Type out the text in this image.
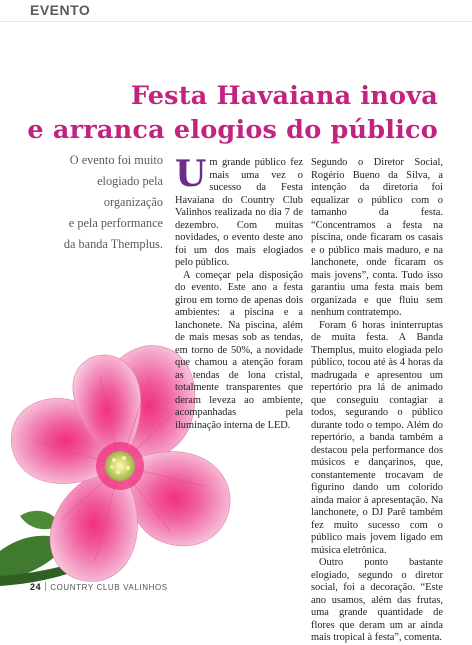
EVENTO
Festa Havaiana inova
e arranca elogios do público
O evento foi muito
elogiado pela
organização
e pela performance
da banda Themplus.

Um grande público fez mais uma vez o sucesso da Festa Havaiana do Country Club Valinhos realizada no dia 7 de dezembro. Com muitas novidades, o evento deste ano foi um dos mais elogiados pelo público.

A começar pela disposição do evento. Este ano a festa girou em torno de apenas dois ambientes: a piscina e a lanchonete. Na piscina, além de mais mesas sob as tendas, em torno de 50%, a novidade que chamou a atenção foram as tendas de lona cristal, totalmente transparentes que deram leveza ao ambiente, acompanhadas pela iluminação interna de LED.

Segundo o Diretor Social, Rogério Bueno da Silva, a intenção da diretoria foi equalizar o público com o tamanho da festa. “Concentramos a festa na piscina, onde ficaram os casais e o público mais maduro, e na lanchonete, onde ficaram os mais jovens”, conta. Tudo isso garantiu uma festa mais bem organizada e que fluiu sem nenhum contratempo.

Foram 6 horas ininterruptas de muita festa. A Banda Themplus, muito elogiada pelo público, tocou até às 4 horas da madrugada e apresentou um repertório pra lá de animado que conseguiu contagiar a todos, segurando o público durante todo o tempo. Além do repertório, a banda também a destacou pela performance dos músicos e dançarinos, que, constantemente trocavam de figurino dando um colorido ainda maior à apresentação. Na lanchonete, o DJ Parê também fez muito sucesso com o público mais jovem ligado em música eletrônica.

Outro ponto bastante elogiado, segundo o diretor social, foi a decoração. “Este ano usamos, além das frutas, uma grande quantidade de flores que deram um ar ainda mais tropical à festa”, comenta.

24 COUNTRY CLUB VALINHOS
